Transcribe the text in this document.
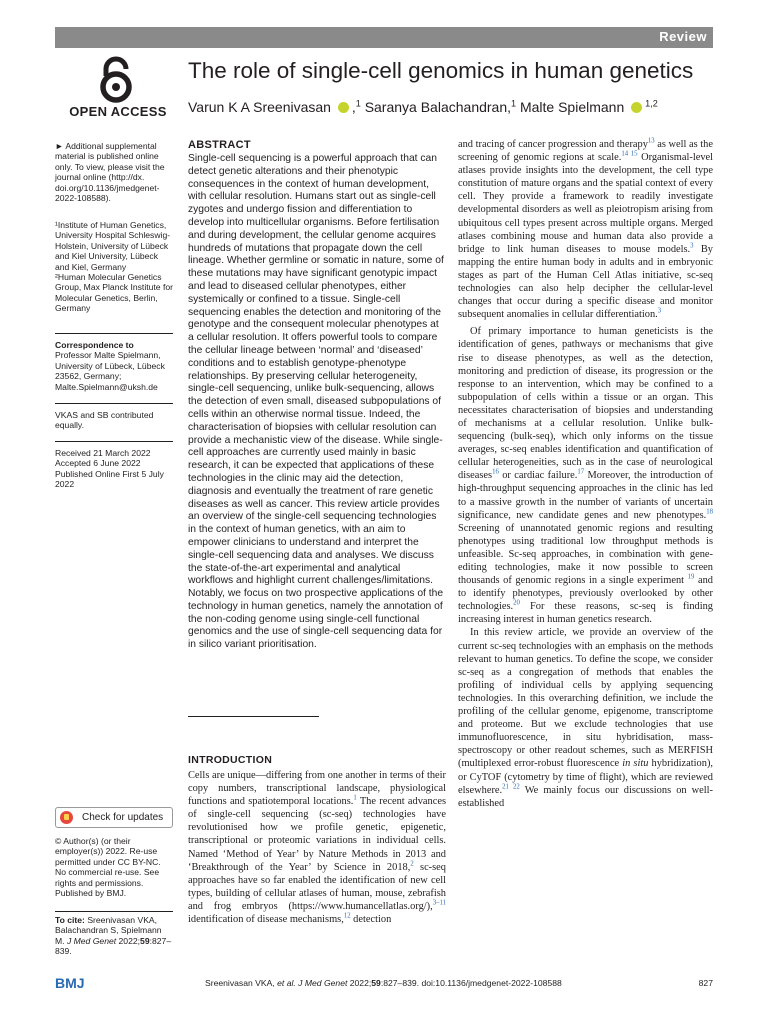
Review
OPEN ACCESS
The role of single-cell genomics in human genetics
Varun K A Sreenivasan ,$^1$ Saranya Balachandran,$^1$ Malte Spielmann $^{1,2}$

► Additional supplemental material is published online only. To view, please visit the journal online (http://dx. doi.org/10.1136/jmedgenet-2022-108588).

¹Institute of Human Genetics, University Hospital Schleswig-Holstein, University of Lübeck and Kiel University, Lübeck and Kiel, Germany

²Human Molecular Genetics Group, Max Planck Institute for Molecular Genetics, Berlin, Germany

Correspondence to

Professor Malte Spielmann, University of Lübeck, Lübeck 23562, Germany; Malte.Spielmann@uksh.de

VKAS and SB contributed equally.

Received 21 March 2022

Accepted 6 June 2022

Published Online First 5 July 2022

Check for updates

© Author(s) (or their employer(s)) 2022. Re-use permitted under CC BY-NC. No commercial re-use. See rights and permissions. Published by BMJ.

To cite: Sreenivasan VKA, Balachandran S, Spielmann M. J Med Genet 2022;59:827–839.

ABSTRACT
Single-cell sequencing is a powerful approach that can detect genetic alterations and their phenotypic consequences in the context of human development, with cellular resolution. Humans start out as single-cell zygotes and undergo fission and differentiation to develop into multicellular organisms. Before fertilisation and during development, the cellular genome acquires hundreds of mutations that propagate down the cell lineage. Whether germline or somatic in nature, some of these mutations may have significant genotypic impact and lead to diseased cellular phenotypes, either systemically or confined to a tissue. Single-cell sequencing enables the detection and monitoring of the genotype and the consequent molecular phenotypes at a cellular resolution. It offers powerful tools to compare the cellular lineage between ‘normal’ and ‘diseased’ conditions and to establish genotype-phenotype relationships. By preserving cellular heterogeneity, single-cell sequencing, unlike bulk-sequencing, allows the detection of even small, diseased subpopulations of cells within an otherwise normal tissue. Indeed, the characterisation of biopsies with cellular resolution can provide a mechanistic view of the disease. While single-cell approaches are currently used mainly in basic research, it can be expected that applications of these technologies in the clinic may aid the detection, diagnosis and eventually the treatment of rare genetic diseases as well as cancer. This review article provides an overview of the single-cell sequencing technologies in the context of human genetics, with an aim to empower clinicians to understand and interpret the single-cell sequencing data and analyses. We discuss the state-of-the-art experimental and analytical workflows and highlight current challenges/limitations. Notably, we focus on two prospective applications of the technology in human genetics, namely the annotation of the non-coding genome using single-cell functional genomics and the use of single-cell sequencing data for in silico variant prioritisation.
INTRODUCTION

Cells are unique—differing from one another in terms of their copy numbers, transcriptional landscape, physiological functions and spatiotemporal locations.$^1$ The recent advances of single-cell sequencing (sc-seq) technologies have revolutionised how we profile genetic, epigenetic, transcriptional or proteomic variations in individual cells. Named ‘Method of Year’ by Nature Methods in 2013 and ‘Breakthrough of the Year’ by Science in 2018,$^2$ sc-seq approaches have so far enabled the identification of new cell types, building of cellular atlases of human, mouse, zebrafish and frog embryos (https://www.humancellatlas.org/),$^{3-11}$ identification of disease mechanisms,$^{12}$ detection

and tracing of cancer progression and therapy$^{13}$ as well as the screening of genomic regions at scale.$^{14 15}$ Organismal-level atlases provide insights into the development, the cell type constitution of mature organs and the spatial context of every cell. They provide a framework to readily investigate developmental disorders as well as pleiotropism arising from ubiquitous cell types present across multiple organs. Merged atlases combining mouse and human data also provide a bridge to link human diseases to mouse models.$^3$ By mapping the entire human body in adults and in embryonic stages as part of the Human Cell Atlas initiative, sc-seq technologies can also help decipher the cellular-level changes that occur during a specific disease and monitor subsequent anomalies in cellular differentiation.$^3$

Of primary importance to human geneticists is the identification of genes, pathways or mechanisms that give rise to disease phenotypes, as well as the detection, monitoring and prediction of disease, its progression or the response to an intervention, which may be confined to a subpopulation of cells within a tissue or an organ. This necessitates characterisation of biopsies and understanding of mechanisms at a cellular resolution. Unlike bulk-sequencing (bulk-seq), which only informs on the tissue averages, sc-seq enables identification and quantification of cellular heterogeneities, such as in the case of neurological diseases$^{16}$ or cardiac failure.$^{17}$ Moreover, the introduction of high-throughput sequencing approaches in the clinic has led to a massive growth in the number of variants of uncertain significance, new candidate genes and new phenotypes.$^{18}$ Screening of unannotated genomic regions and resulting phenotypes using traditional low throughput methods is unfeasible. Sc-seq approaches, in combination with gene-editing technologies, make it now possible to screen thousands of genomic regions in a single experiment $^{19}$ and to identify phenotypes, previously overlooked by other technologies.$^{20}$ For these reasons, sc-seq is finding increasing interest in human genetics research.

In this review article, we provide an overview of the current sc-seq technologies with an emphasis on the methods relevant to human genetics. To define the scope, we consider sc-seq as a congregation of methods that enables the profiling of individual cells by applying sequencing technologies. In this overarching definition, we include the profiling of the cellular genome, epigenome, transcriptome and proteome. But we exclude technologies that use immunofluorescence, in situ hybridisation, mass-spectroscopy or other readout schemes, such as MERFISH (multiplexed error-robust fluorescence in situ hybridization), or CyTOF (cytometry by time of flight), which are reviewed elsewhere.$^{21 22}$ We mainly focus our discussions on well-established

BMJ	Sreenivasan VKA, et al. J Med Genet 2022;59:827–839. doi:10.1136/jmedgenet-2022-108588	827
